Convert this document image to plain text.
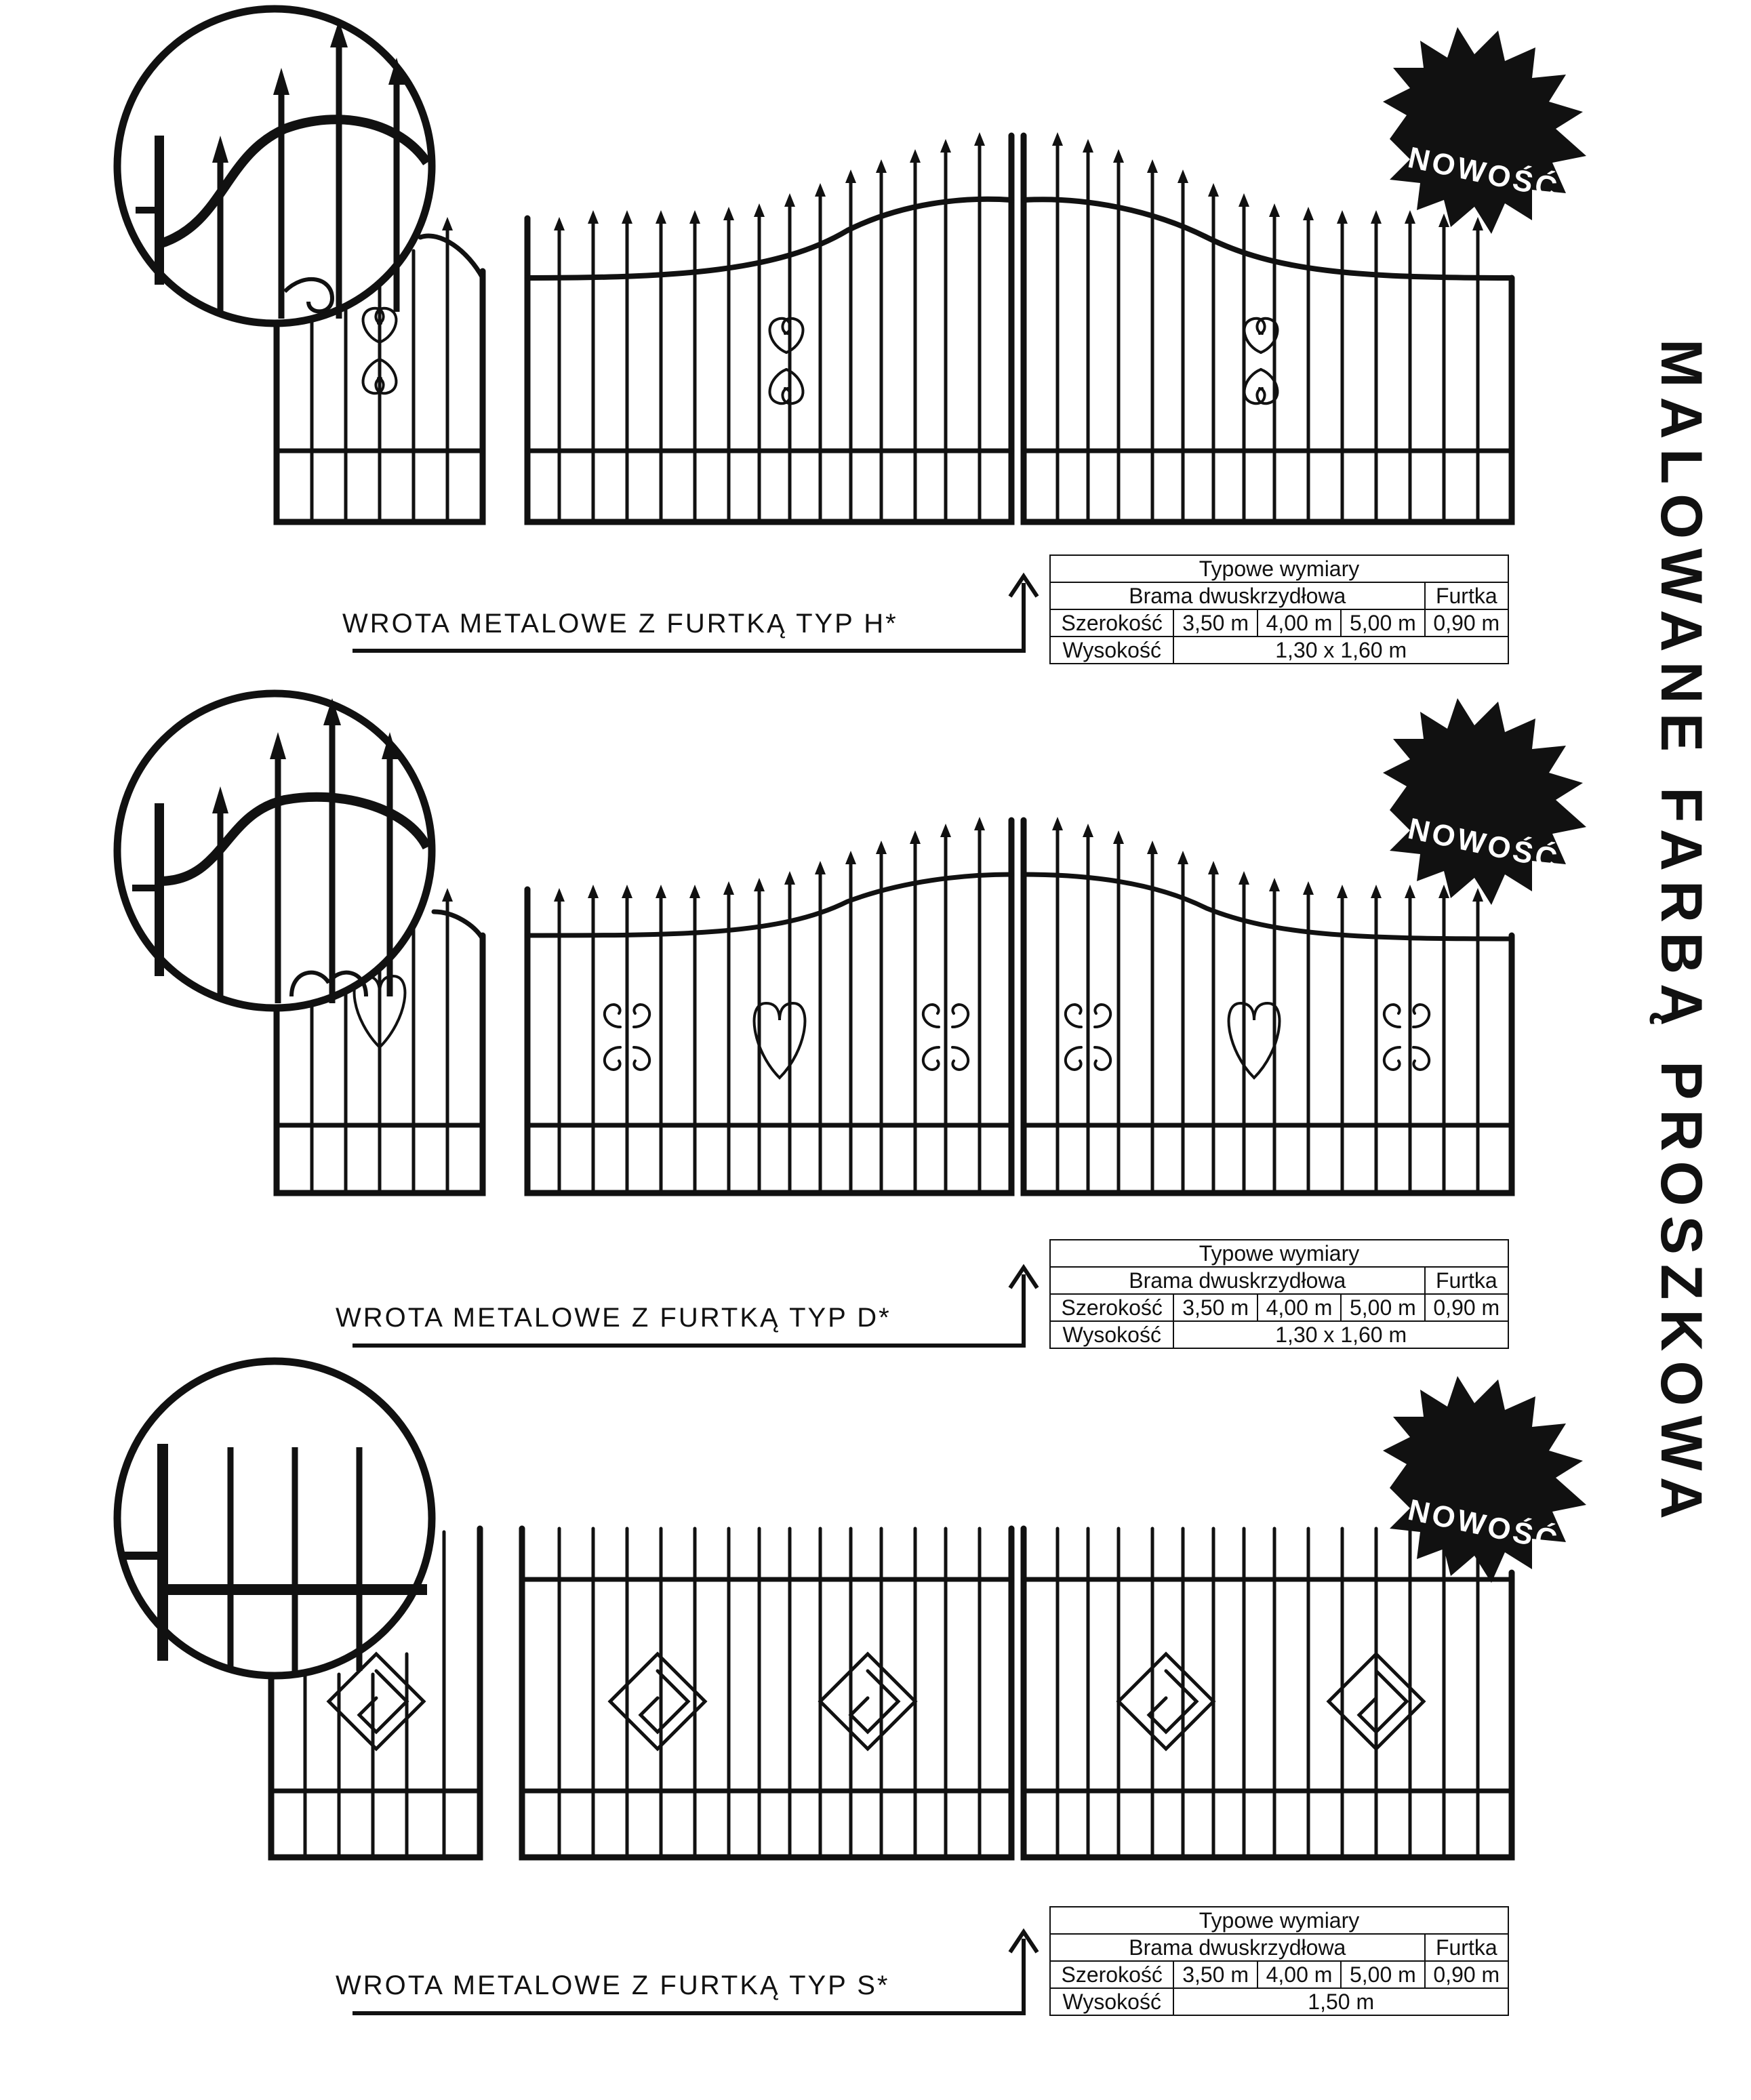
MALOWANE FARBĄ PROSZKOWA
NOWOŚĆ
WROTA METALOWE Z FURTKĄ TYP H*
Typowe wymiary				
Brama dwuskrzydłowa				Furtka
Szerokość	3,50 m	4,00 m	5,00 m	0,90 m
Wysokość	1,30 x 1,60 m			
NOWOŚĆ
WROTA METALOWE Z FURTKĄ TYP D*
Typowe wymiary				
Brama dwuskrzydłowa				Furtka
Szerokość	3,50 m	4,00 m	5,00 m	0,90 m
Wysokość	1,30 x 1,60 m			
NOWOŚĆ
WROTA METALOWE Z FURTKĄ TYP S*
Typowe wymiary				
Brama dwuskrzydłowa				Furtka
Szerokość	3,50 m	4,00 m	5,00 m	0,90 m
Wysokość	1,50 m			
